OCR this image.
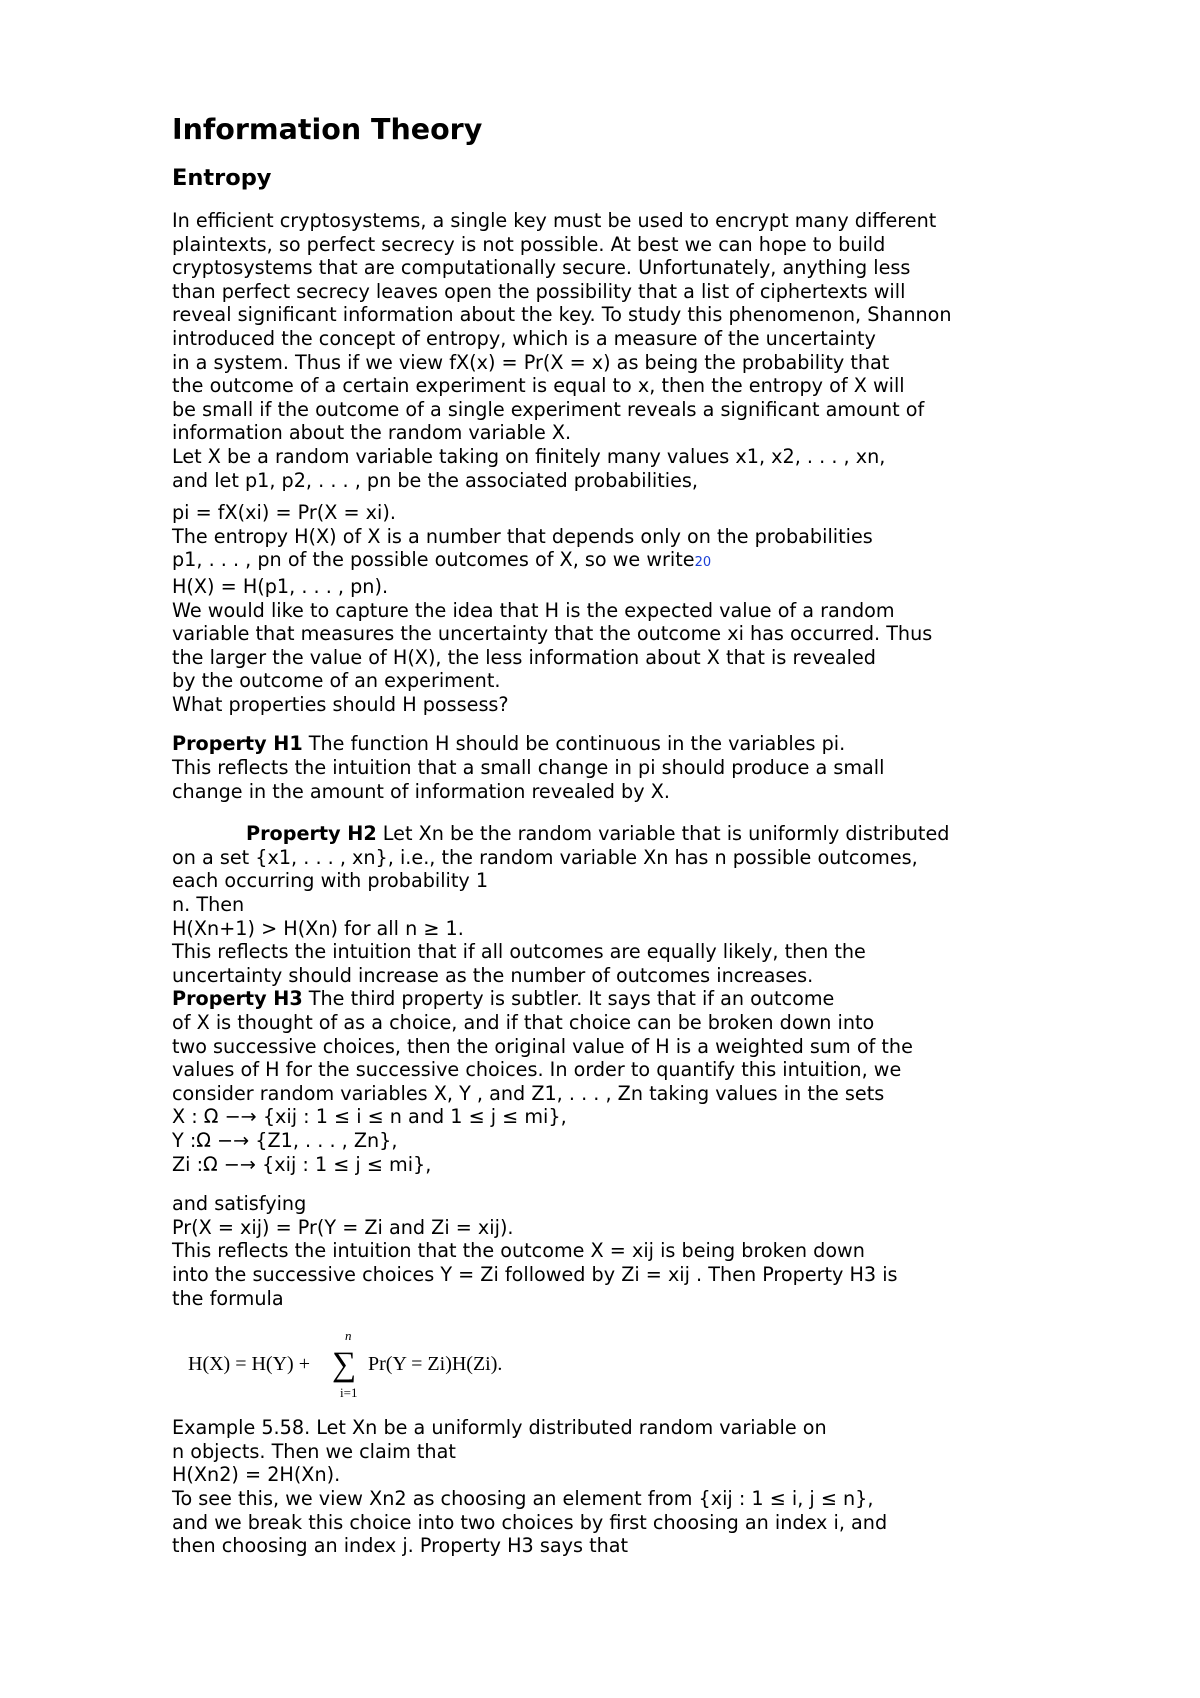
Information Theory
Entropy
In efficient cryptosystems, a single key must be used to encrypt many different
plaintexts, so perfect secrecy is not possible. At best we can hope to build
cryptosystems that are computationally secure. Unfortunately, anything less
than perfect secrecy leaves open the possibility that a list of ciphertexts will
reveal significant information about the key. To study this phenomenon, Shannon
introduced the concept of entropy, which is a measure of the uncertainty
in a system. Thus if we view fX(x) = Pr(X = x) as being the probability that
the outcome of a certain experiment is equal to x, then the entropy of X will
be small if the outcome of a single experiment reveals a significant amount of
information about the random variable X.
Let X be a random variable taking on finitely many values x1, x2, . . . , xn,
and let p1, p2, . . . , pn be the associated probabilities,
pi = fX(xi) = Pr(X = xi).
The entropy H(X) of X is a number that depends only on the probabilities
p1, . . . , pn of the possible outcomes of X, so we write20
H(X) = H(p1, . . . , pn).
We would like to capture the idea that H is the expected value of a random
variable that measures the uncertainty that the outcome xi has occurred. Thus
the larger the value of H(X), the less information about X that is revealed
by the outcome of an experiment.
What properties should H possess?
Property H1 The function H should be continuous in the variables pi.
This reflects the intuition that a small change in pi should produce a small
change in the amount of information revealed by X.
Property H2 Let Xn be the random variable that is uniformly distributed
on a set {x1, . . . , xn}, i.e., the random variable Xn has n possible outcomes,
each occurring with probability 1
n. Then
H(Xn+1) > H(Xn) for all n ≥ 1.
This reflects the intuition that if all outcomes are equally likely, then the
uncertainty should increase as the number of outcomes increases.
Property H3 The third property is subtler. It says that if an outcome
of X is thought of as a choice, and if that choice can be broken down into
two successive choices, then the original value of H is a weighted sum of the
values of H for the successive choices. In order to quantify this intuition, we
consider random variables X, Y , and Z1, . . . , Zn taking values in the sets
X : Ω −→ {xij : 1 ≤ i ≤ n and 1 ≤ j ≤ mi},
Y :Ω −→ {Z1, . . . , Zn},
Zi :Ω −→ {xij : 1 ≤ j ≤ mi},
and satisfying
Pr(X = xij) = Pr(Y = Zi and Zi = xij).
This reflects the intuition that the outcome X = xij is being broken down
into the successive choices Y = Zi followed by Zi = xij . Then Property H3 is
the formula
H(X) = H(Y) +
n
∑
i=1
Pr(Y = Zi)H(Zi).
Example 5.58. Let Xn be a uniformly distributed random variable on
n objects. Then we claim that
H(Xn2) = 2H(Xn).
To see this, we view Xn2 as choosing an element from {xij : 1 ≤ i, j ≤ n},
and we break this choice into two choices by first choosing an index i, and
then choosing an index j. Property H3 says that
